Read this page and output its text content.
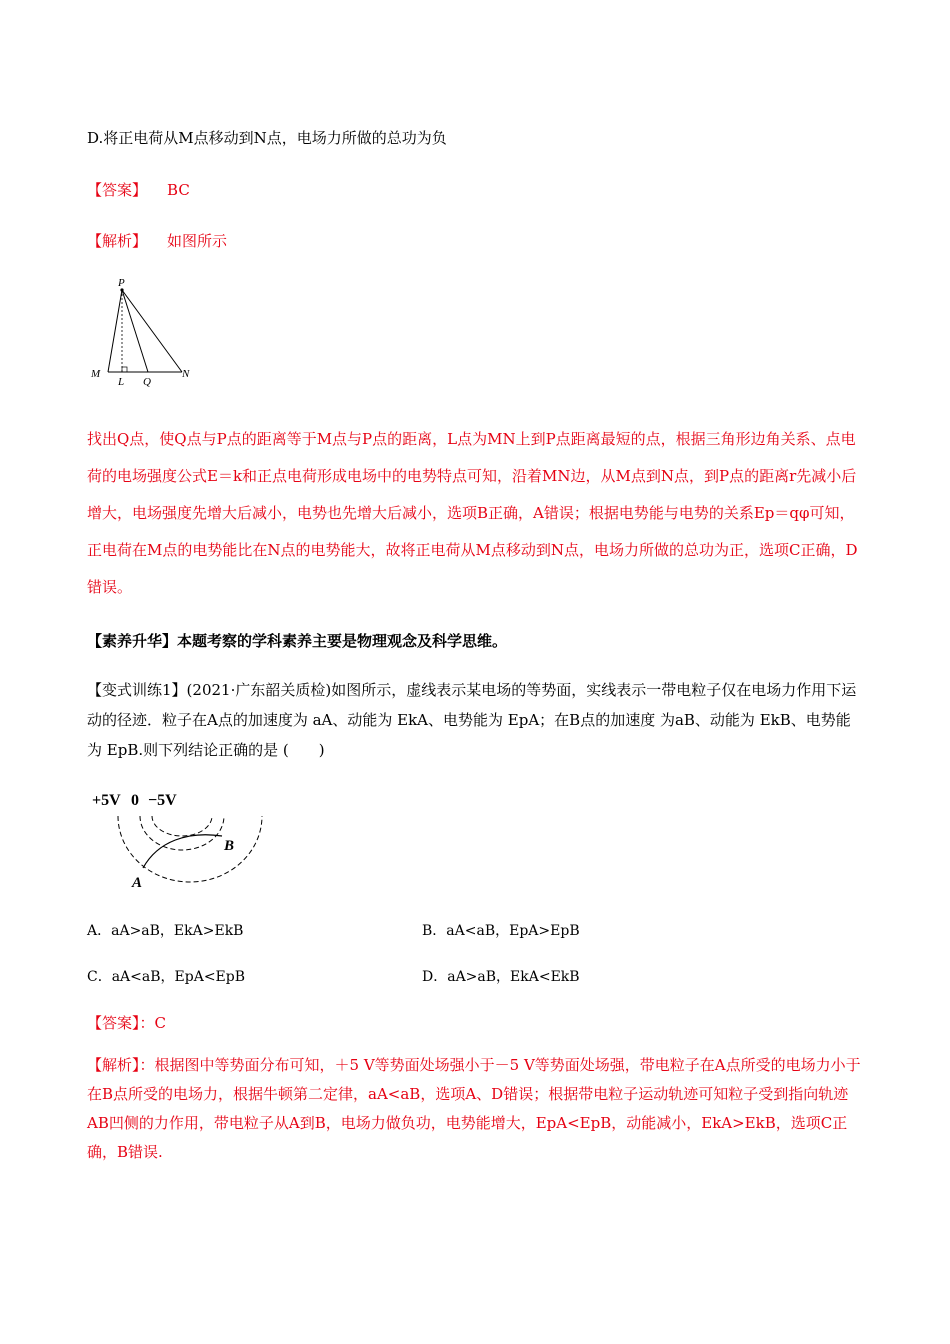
D.将正电荷从M点移动到N点，电场力所做的总功为负
【答案】 BC
【解析】 如图所示
P
M
L Q
N
找出Q点，使Q点与P点的距离等于M点与P点的距离，L点为MN上到P点距离最短的点，根据三角形边角关系、点电荷的电场强度公式E＝k和正点电荷形成电场中的电势特点可知，沿着MN边，从M点到N点，到P点的距离r先减小后增大，电场强度先增大后减小，电势也先增大后减小，选项B正确，A错误；根据电势能与电势的关系Ep＝qφ可知，正电荷在M点的电势能比在N点的电势能大，故将正电荷从M点移动到N点，电场力所做的总功为正，选项C正确，D错误。
【素养升华】本题考察的学科素养主要是物理观念及科学思维。
【变式训练1】(2021·广东韶关质检)如图所示，虚线表示某电场的等势面，实线表示一带电粒子仅在电场力作用下运动的径迹．粒子在A点的加速度为 aA、动能为 EkA、电势能为 EpA；在B点的加速度 为aB、动能为 EkB、电势能为 EpB.则下列结论正确的是 (　　)
+5V 0 −5V
B
A
A．aA>aB，EkA>EkB	B．aA<aB，EpA>EpB
C．aA<aB，EpA<EpB	D．aA>aB，EkA<EkB
【答案】：C
【解析】：根据图中等势面分布可知，＋5 V等势面处场强小于－5 V等势面处场强，带电粒子在A点所受的电场力小于在B点所受的电场力，根据牛顿第二定律，aA<aB，选项A、D错误；根据带电粒子运动轨迹可知粒子受到指向轨迹AB凹侧的力作用，带电粒子从A到B，电场力做负功，电势能增大，EpA<EpB，动能减小，EkA>EkB，选项C正确，B错误.
